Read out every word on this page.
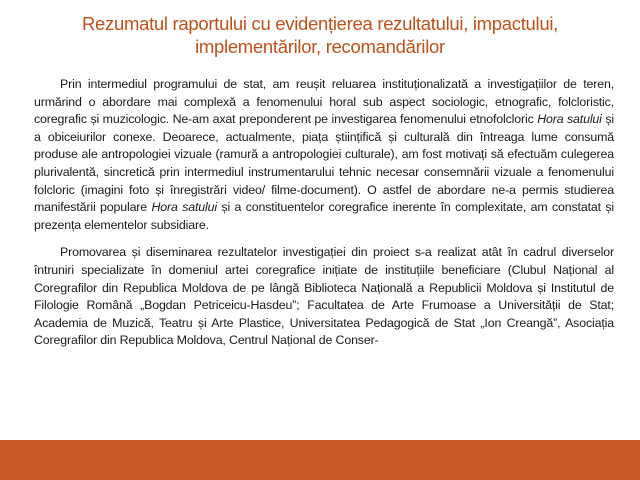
Rezumatul raportului cu evidențierea rezultatului, impactului,
implementărilor, recomandărilor

Prin intermediul programului de stat, am reușit reluarea instituționalizată a investigațiilor de teren, urmărind o abordare mai complexă a fenomenului horal sub aspect sociologic, etnografic, folcloristic, coregrafic și muzicologic. Ne-am axat preponderent pe investigarea fenomenului etnofolcloric Hora satului și a obiceiurilor conexe. Deoarece, actualmente, piața științifică și culturală din întreaga lume consumă produse ale antropologiei vizuale (ramură a antropologiei culturale), am fost motivați să efectuăm culegerea plurivalentă, sincretică prin intermediul instrumentarului tehnic necesar consemnării vizuale a fenomenului folcloric (imagini foto și înregistrări video/ filme-document). O astfel de abordare ne-a permis studierea manifestării populare Hora satului și a constituentelor coregrafice inerente în complexitate, am constatat și prezența elementelor subsidiare.

Promovarea și diseminarea rezultatelor investigației din proiect s-a realizat atât în cadrul diverselor întruniri specializate în domeniul artei coregrafice inițiate de instituțiile beneficiare (Clubul Național al Coregrafilor din Republica Moldova de pe lângă Biblioteca Națională a Republicii Moldova și Institutul de Filologie Română „Bogdan Petriceicu-Hasdeu”; Facultatea de Arte Frumoase a Universității de Stat; Academia de Muzică, Teatru și Arte Plastice, Universitatea Pedagogică de Stat „Ion Creangă”, Asociația Coregrafilor din Republica Moldova, Centrul Național de Conser-
